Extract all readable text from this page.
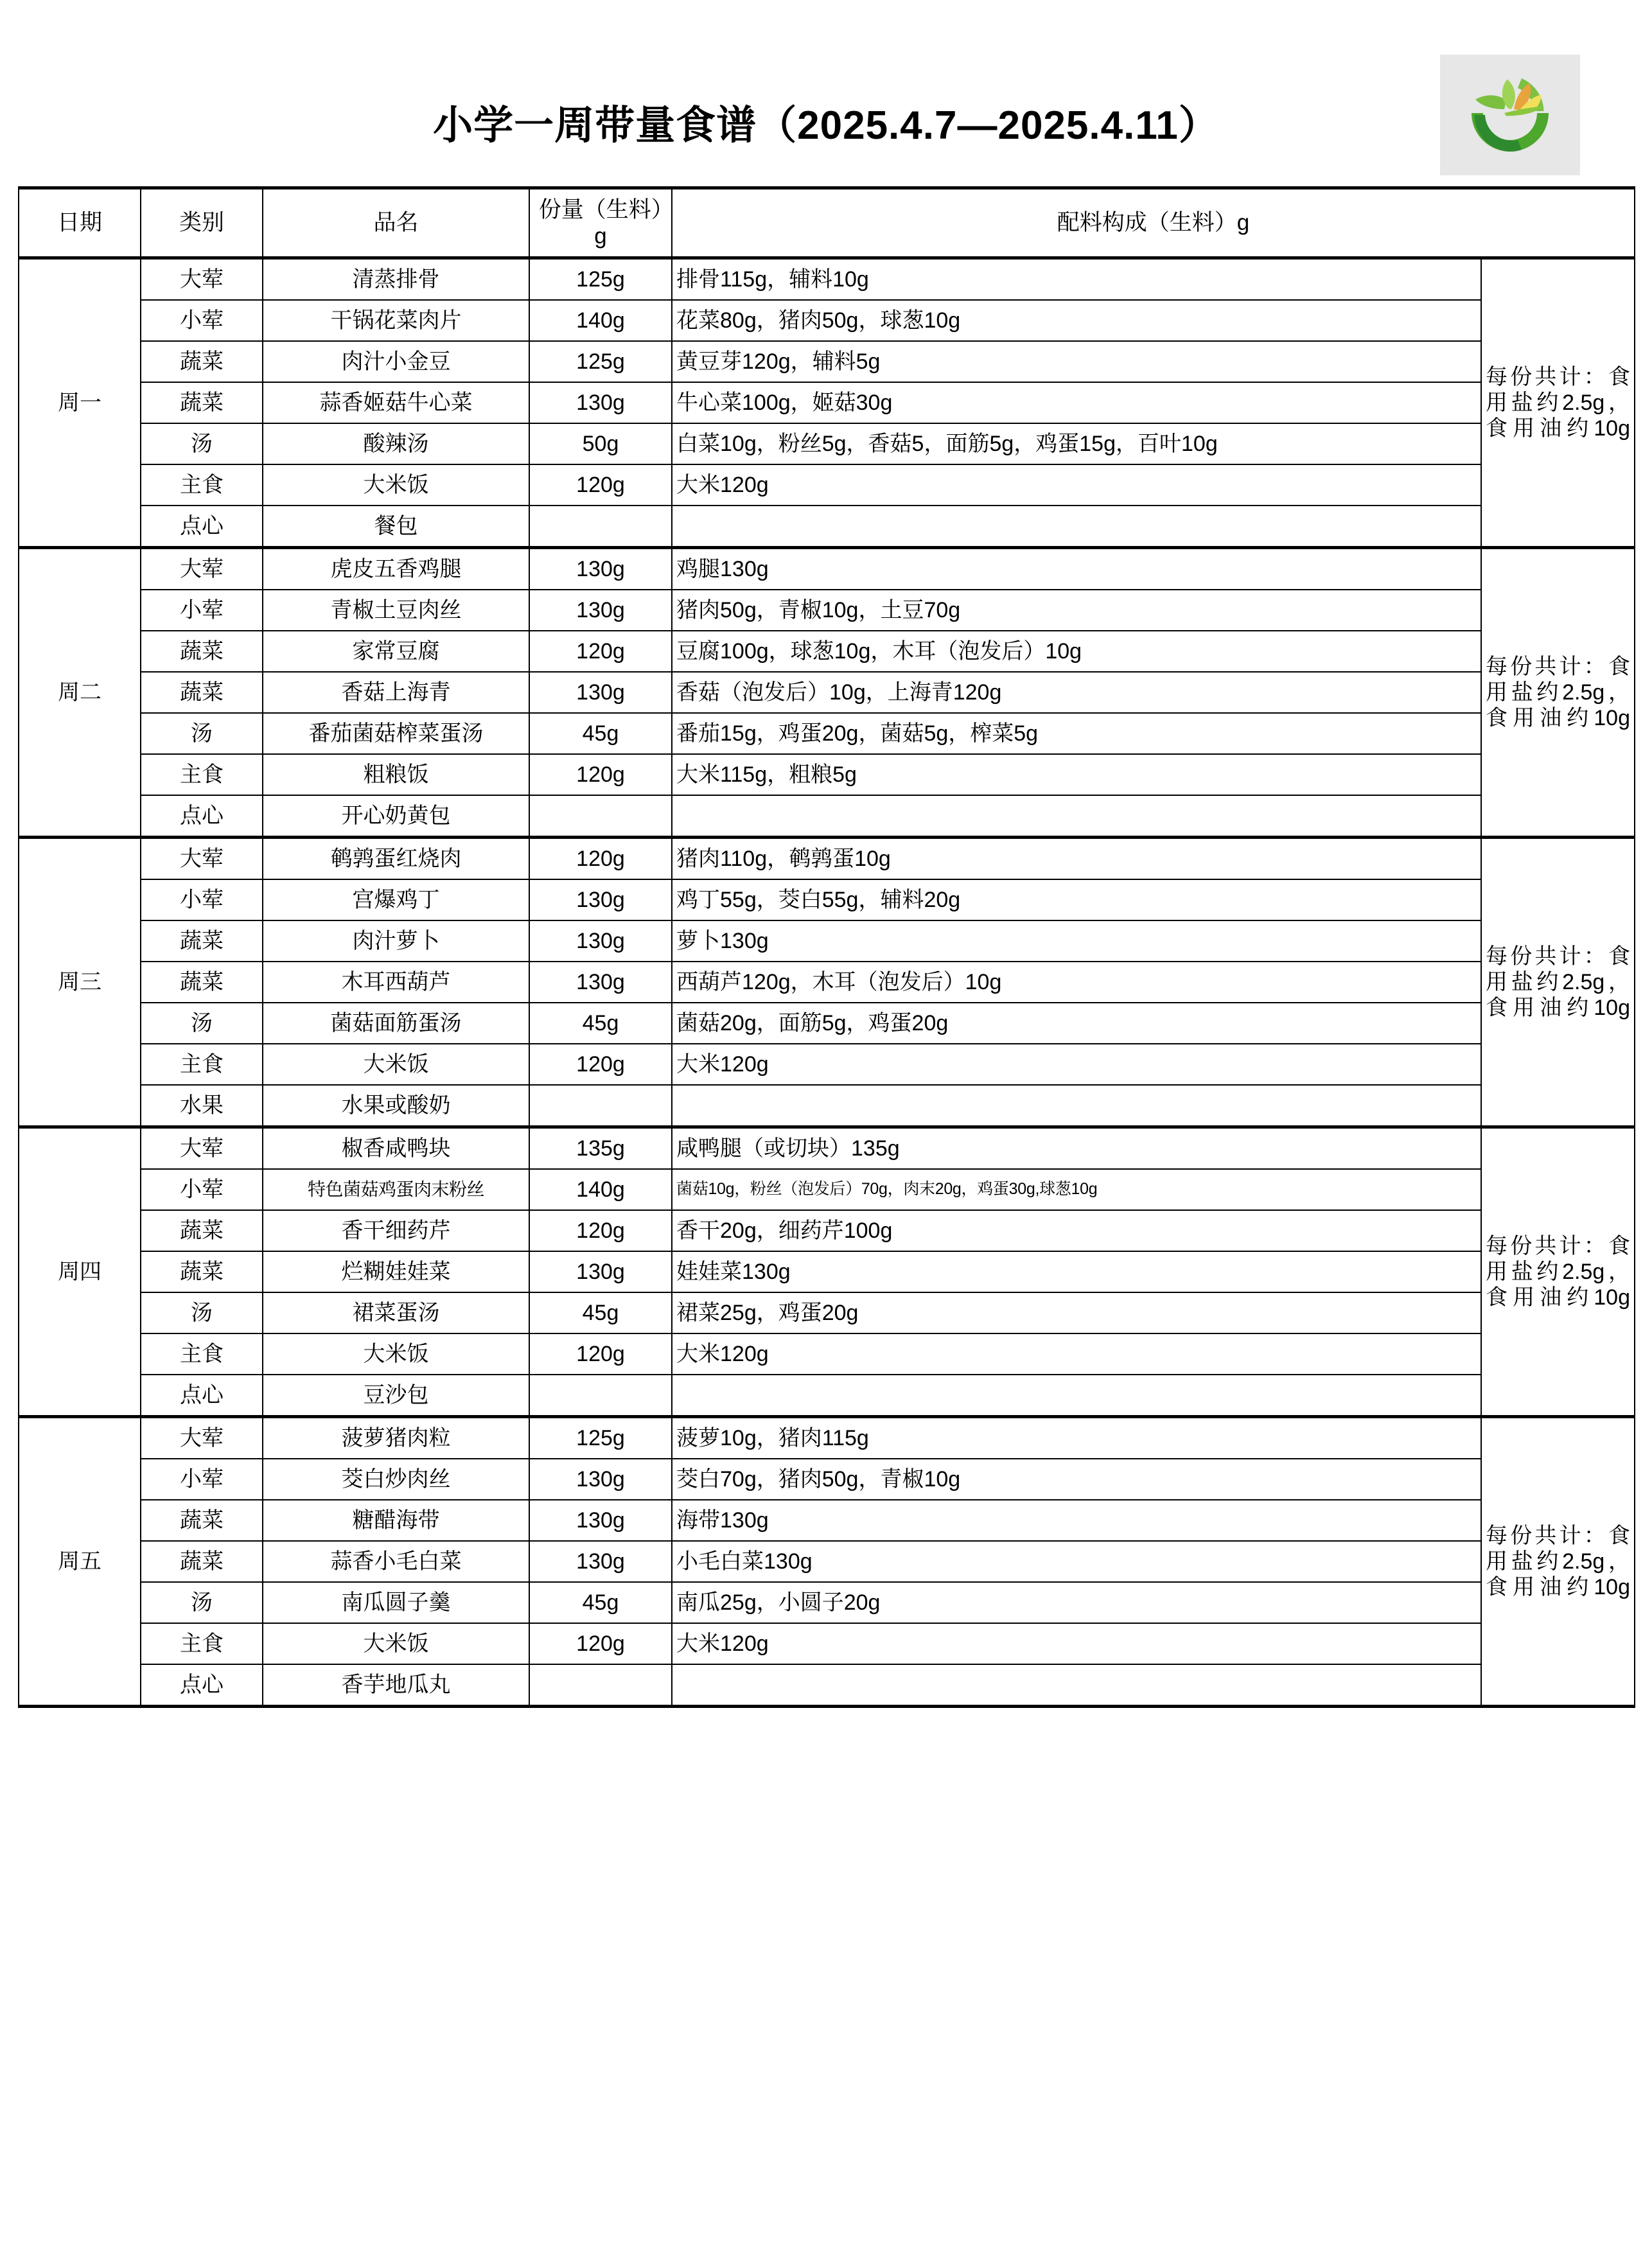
小学一周带量食谱（2025.4.7—2025.4.11）
日期	类别	品名	份量（生料）g	配料构成（生料）g	
周一	大荤	清蒸排骨	125g	排骨115g，辅料10g	每份共计：食用盐约2.5g，食用油约10g
	小荤	干锅花菜肉片	140g	花菜80g，猪肉50g，球葱10g	
	蔬菜	肉汁小金豆	125g	黄豆芽120g，辅料5g	
	蔬菜	蒜香姬菇牛心菜	130g	牛心菜100g，姬菇30g	
	汤	酸辣汤	50g	白菜10g，粉丝5g，香菇5，面筋5g，鸡蛋15g，百叶10g	
	主食	大米饭	120g	大米120g	
	点心	餐包			
周二	大荤	虎皮五香鸡腿	130g	鸡腿130g	每份共计：食用盐约2.5g，食用油约10g
	小荤	青椒土豆肉丝	130g	猪肉50g，青椒10g，土豆70g	
	蔬菜	家常豆腐	120g	豆腐100g，球葱10g，木耳（泡发后）10g	
	蔬菜	香菇上海青	130g	香菇（泡发后）10g，上海青120g	
	汤	番茄菌菇榨菜蛋汤	45g	番茄15g，鸡蛋20g，菌菇5g，榨菜5g	
	主食	粗粮饭	120g	大米115g，粗粮5g	
	点心	开心奶黄包			
周三	大荤	鹌鹑蛋红烧肉	120g	猪肉110g，鹌鹑蛋10g	每份共计：食用盐约2.5g，食用油约10g
	小荤	宫爆鸡丁	130g	鸡丁55g，茭白55g，辅料20g	
	蔬菜	肉汁萝卜	130g	萝卜130g	
	蔬菜	木耳西葫芦	130g	西葫芦120g，木耳（泡发后）10g	
	汤	菌菇面筋蛋汤	45g	菌菇20g，面筋5g，鸡蛋20g	
	主食	大米饭	120g	大米120g	
	水果	水果或酸奶			
周四	大荤	椒香咸鸭块	135g	咸鸭腿（或切块）135g	每份共计：食用盐约2.5g，食用油约10g
	小荤	特色菌菇鸡蛋肉末粉丝	140g	菌菇10g，粉丝（泡发后）70g，肉末20g，鸡蛋30g,球葱10g	
	蔬菜	香干细药芹	120g	香干20g，细药芹100g	
	蔬菜	烂糊娃娃菜	130g	娃娃菜130g	
	汤	裙菜蛋汤	45g	裙菜25g，鸡蛋20g	
	主食	大米饭	120g	大米120g	
	点心	豆沙包			
周五	大荤	菠萝猪肉粒	125g	菠萝10g，猪肉115g	每份共计：食用盐约2.5g，食用油约10g
	小荤	茭白炒肉丝	130g	茭白70g，猪肉50g，青椒10g	
	蔬菜	糖醋海带	130g	海带130g	
	蔬菜	蒜香小毛白菜	130g	小毛白菜130g	
	汤	南瓜圆子羹	45g	南瓜25g，小圆子20g	
	主食	大米饭	120g	大米120g	
	点心	香芋地瓜丸			
